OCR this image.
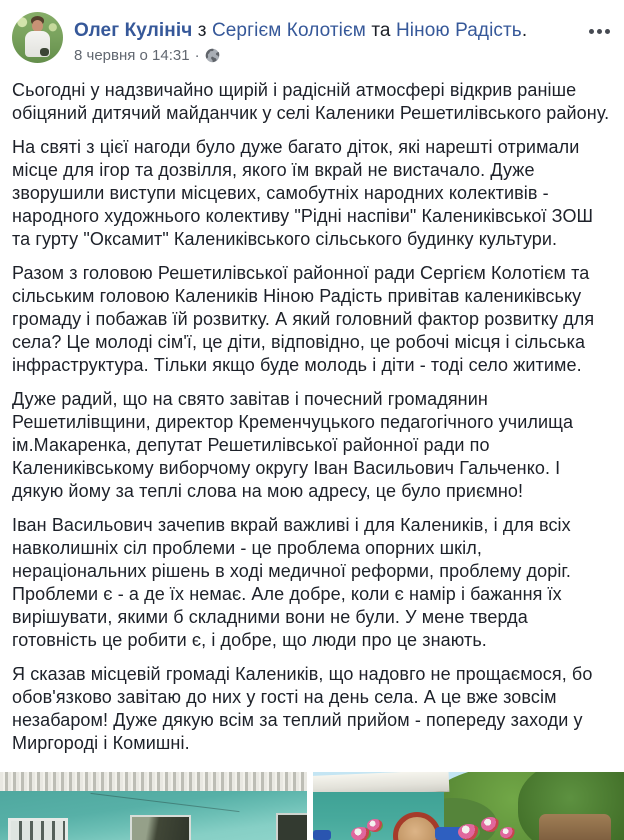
Олег Кулініч з Сергієм Колотієм та Ніною Радість.
8 червня о 14:31 ·

Сьогодні у надзвичайно щирій і радісній атмосфері відкрив раніше обіцяний дитячий майданчик у селі Каленики Решетилівського району.

На святі з цієї нагоди було дуже багато діток, які нарешті отримали місце для ігор та дозвілля, якого їм вкрай не вистачало. Дуже зворушили виступи місцевих, самобутніх народних колективів - народного художнього колективу "Рідні наспіви" Калениківської ЗОШ та гурту "Оксамит" Калениківського сільського будинку культури.

Разом з головою Решетилівської районної ради Сергієм Колотієм та сільським головою Калеників Ніною Радість привітав калениківську громаду і побажав їй розвитку. А який головний фактор розвитку для села? Це молоді сім'ї, це діти, відповідно, це робочі місця і сільська інфраструктура. Тільки якщо буде молодь і діти - тоді село житиме.

Дуже радий, що на свято завітав і почесний громадянин Решетилівщини, директор Кременчуцького педагогічного училища ім.Макаренка, депутат Решетилівської районної ради по Калениківському виборчому округу Іван Васильович Гальченко. І дякую йому за теплі слова на мою адресу, це було приємно!

Іван Васильович зачепив вкрай важливі і для Калеників, і для всіх навколишніх сіл проблеми - це проблема опорних шкіл, нераціональних рішень в ході медичної реформи, проблему доріг. Проблеми є - а де їх немає. Але добре, коли є намір і бажання їх вирішувати, якими б складними вони не були. У мене тверда готовність це робити є, і добре, що люди про це знають.

Я сказав місцевій громаді Калеників, що надовго не прощаємося, бо обов'язково завітаю до них у гості на день села. А це вже зовсім незабаром! Дуже дякую всім за теплий прийом - попереду заходи у Миргороді і Комишні.
